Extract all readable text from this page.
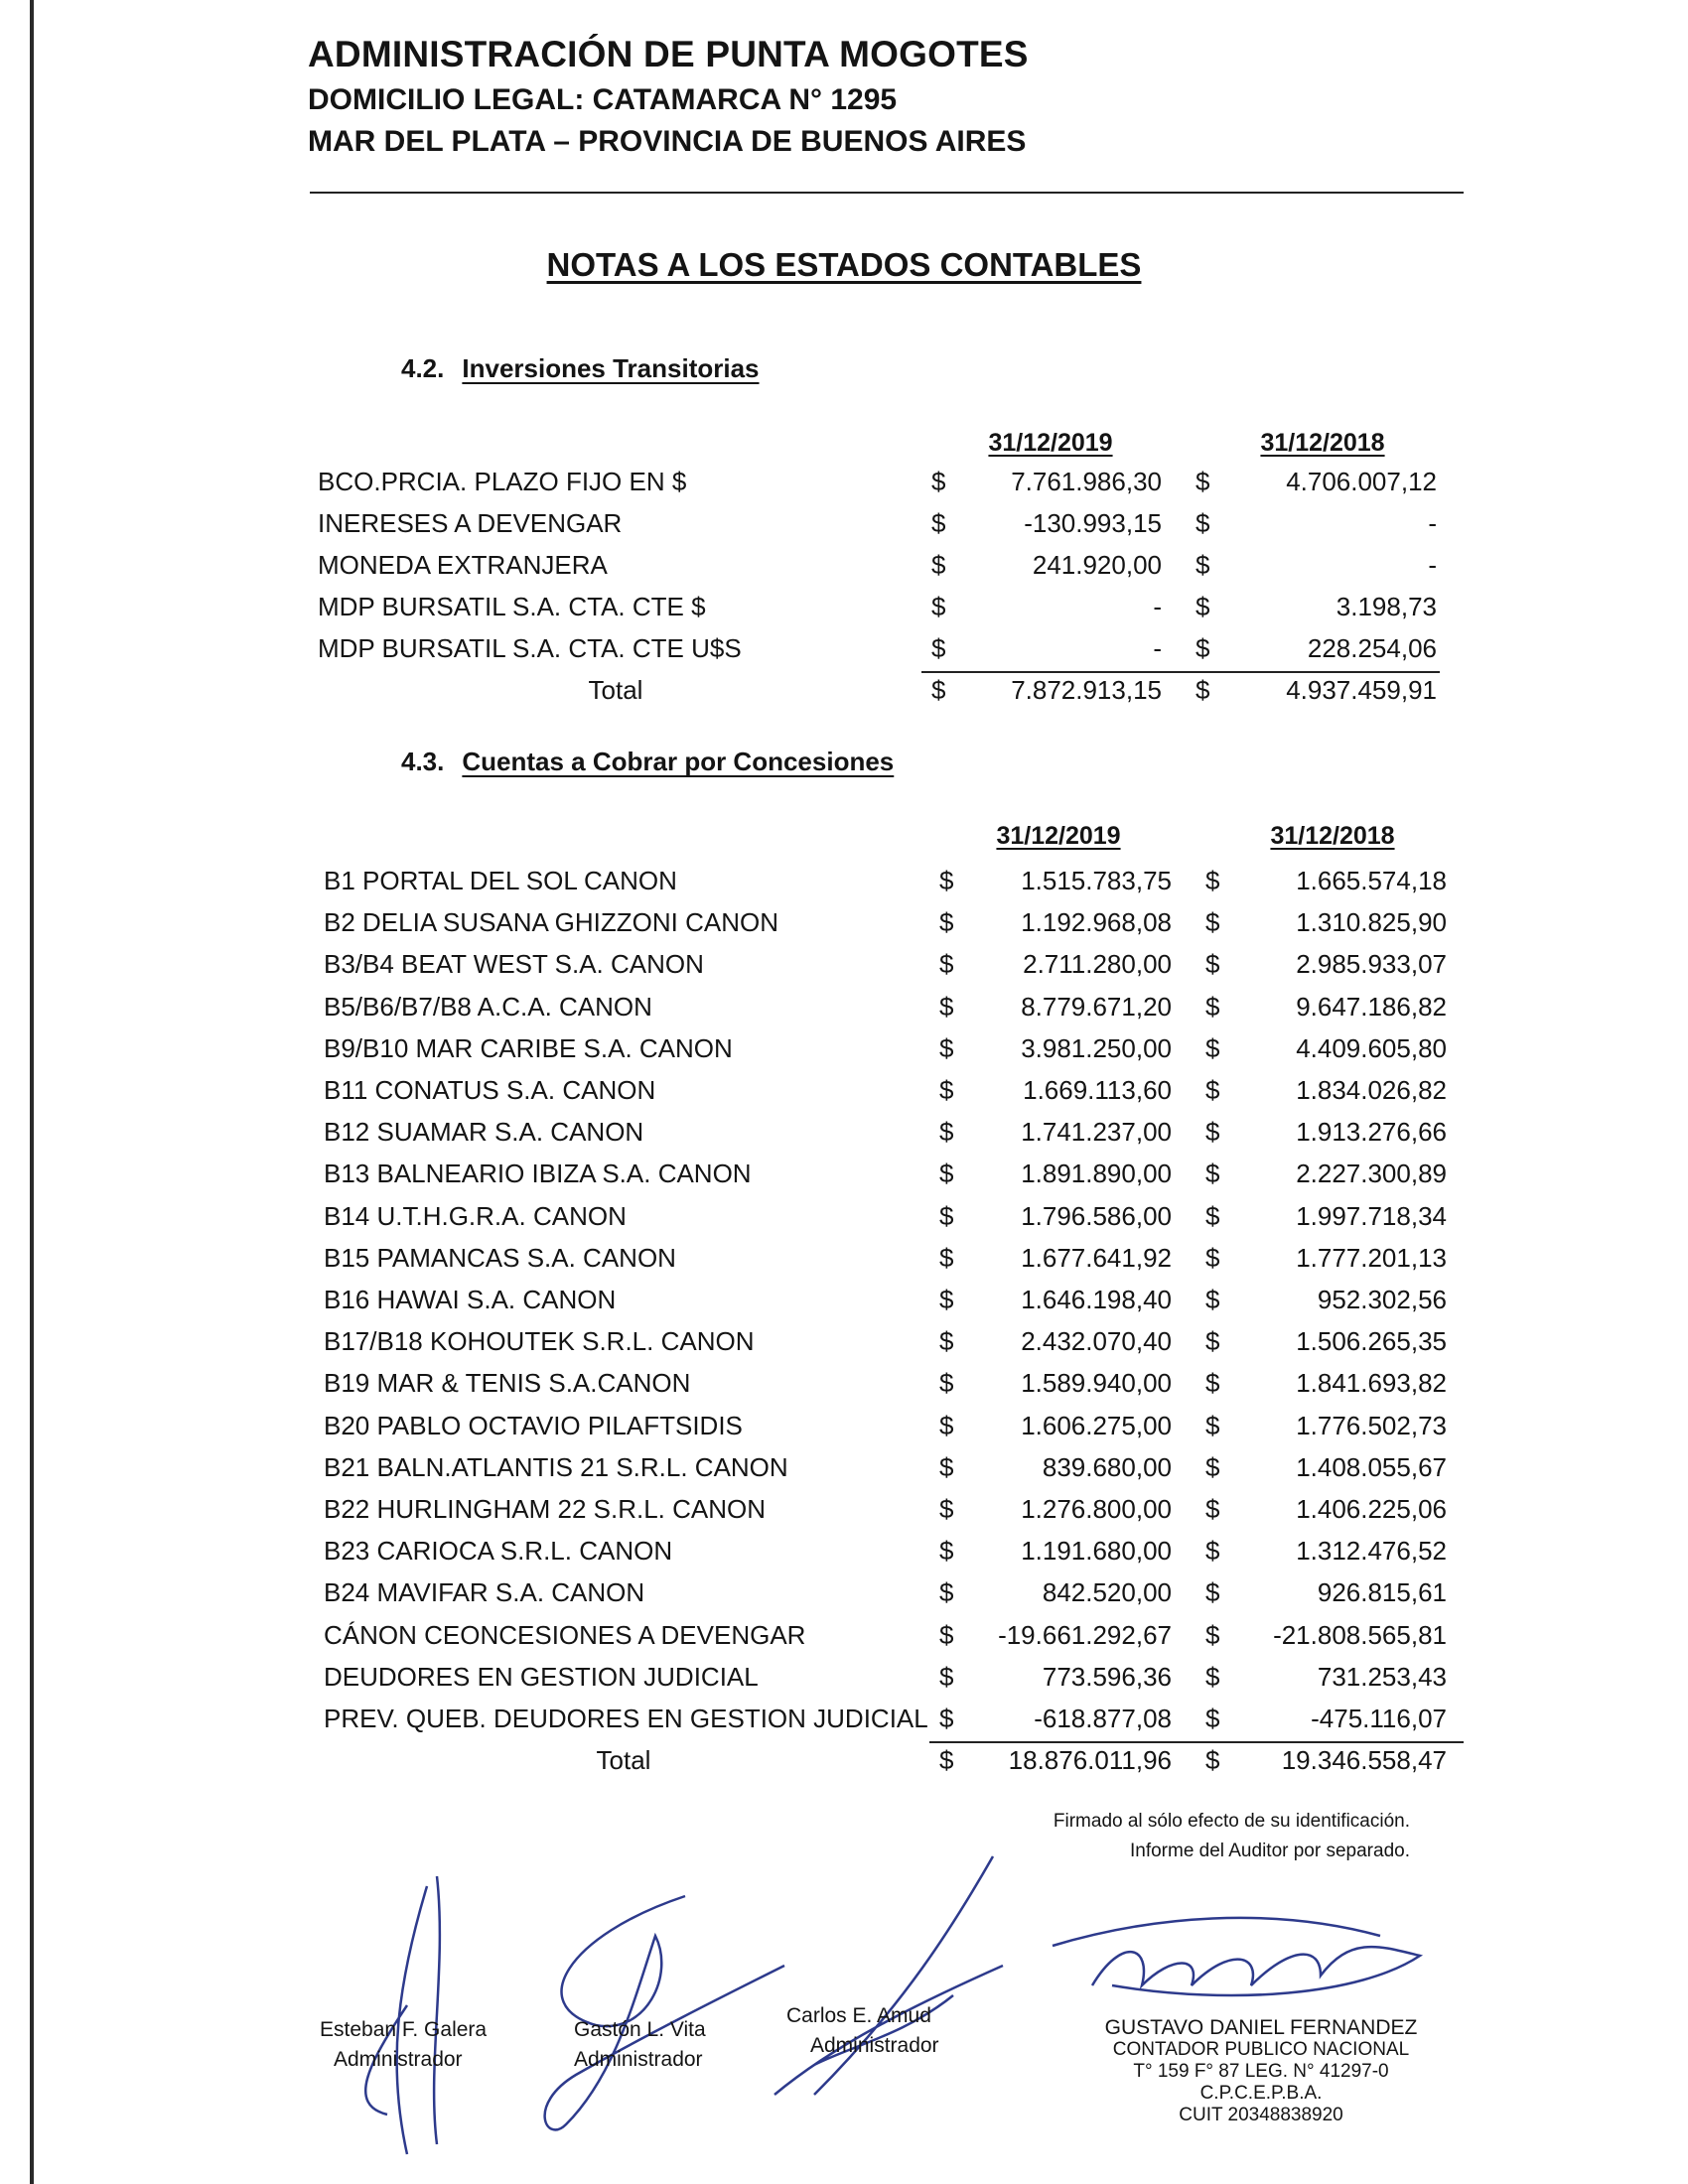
ADMINISTRACIÓN DE PUNTA MOGOTES
DOMICILIO LEGAL: CATAMARCA N° 1295
MAR DEL PLATA – PROVINCIA DE BUENOS AIRES
NOTAS A LOS ESTADOS CONTABLES
4.2. Inversiones Transitorias
31/12/2019	31/12/2018
BCO.PRCIA. PLAZO FIJO EN $	$	7.761.986,30 $	4.706.007,12
INERESES A DEVENGAR	$	-130.993,15 $	-
MONEDA EXTRANJERA	$	241.920,00 $	-
MDP BURSATIL S.A. CTA. CTE $	$	- $	3.198,73
MDP BURSATIL S.A. CTA. CTE U$S	$	- $	228.254,06
Total	$	7.872.913,15 $	4.937.459,91
4.3. Cuentas a Cobrar por Concesiones
31/12/2019	31/12/2018
B1 PORTAL DEL SOL CANON	$	1.515.783,75 $	1.665.574,18
B2 DELIA SUSANA GHIZZONI CANON	$	1.192.968,08 $	1.310.825,90
B3/B4 BEAT WEST S.A. CANON	$	2.711.280,00 $	2.985.933,07
B5/B6/B7/B8 A.C.A. CANON	$	8.779.671,20 $	9.647.186,82
B9/B10 MAR CARIBE S.A. CANON	$	3.981.250,00 $	4.409.605,80
B11 CONATUS S.A. CANON	$	1.669.113,60 $	1.834.026,82
B12 SUAMAR S.A. CANON	$	1.741.237,00 $	1.913.276,66
B13 BALNEARIO IBIZA S.A. CANON	$	1.891.890,00 $	2.227.300,89
B14 U.T.H.G.R.A. CANON	$	1.796.586,00 $	1.997.718,34
B15 PAMANCAS S.A. CANON	$	1.677.641,92 $	1.777.201,13
B16 HAWAI S.A. CANON	$	1.646.198,40 $	952.302,56
B17/B18 KOHOUTEK S.R.L. CANON	$	2.432.070,40 $	1.506.265,35
B19 MAR & TENIS S.A.CANON	$	1.589.940,00 $	1.841.693,82
B20 PABLO OCTAVIO PILAFTSIDIS	$	1.606.275,00 $	1.776.502,73
B21 BALN.ATLANTIS 21 S.R.L. CANON	$	839.680,00 $	1.408.055,67
B22 HURLINGHAM 22 S.R.L. CANON	$	1.276.800,00 $	1.406.225,06
B23 CARIOCA S.R.L. CANON	$	1.191.680,00 $	1.312.476,52
B24 MAVIFAR S.A. CANON	$	842.520,00 $	926.815,61
CÁNON CEONCESIONES A DEVENGAR	$	-19.661.292,67 $	-21.808.565,81
DEUDORES EN GESTION JUDICIAL	$	773.596,36 $	731.253,43
PREV. QUEB. DEUDORES EN GESTION JUDICIAL $	-618.877,08 $	-475.116,07
Total	$	18.876.011,96 $	19.346.558,47
Firmado al sólo efecto de su identificación.
Informe del Auditor por separado.
Esteban F. Galera
Administrador
Gastón L. Vita
Administrador
Carlos E. Amud
Administrador
GUSTAVO DANIEL FERNANDEZ
CONTADOR PUBLICO NACIONAL
T° 159 F° 87 LEG. N° 41297-0
C.P.C.E.P.B.A.
CUIT 20348838920
